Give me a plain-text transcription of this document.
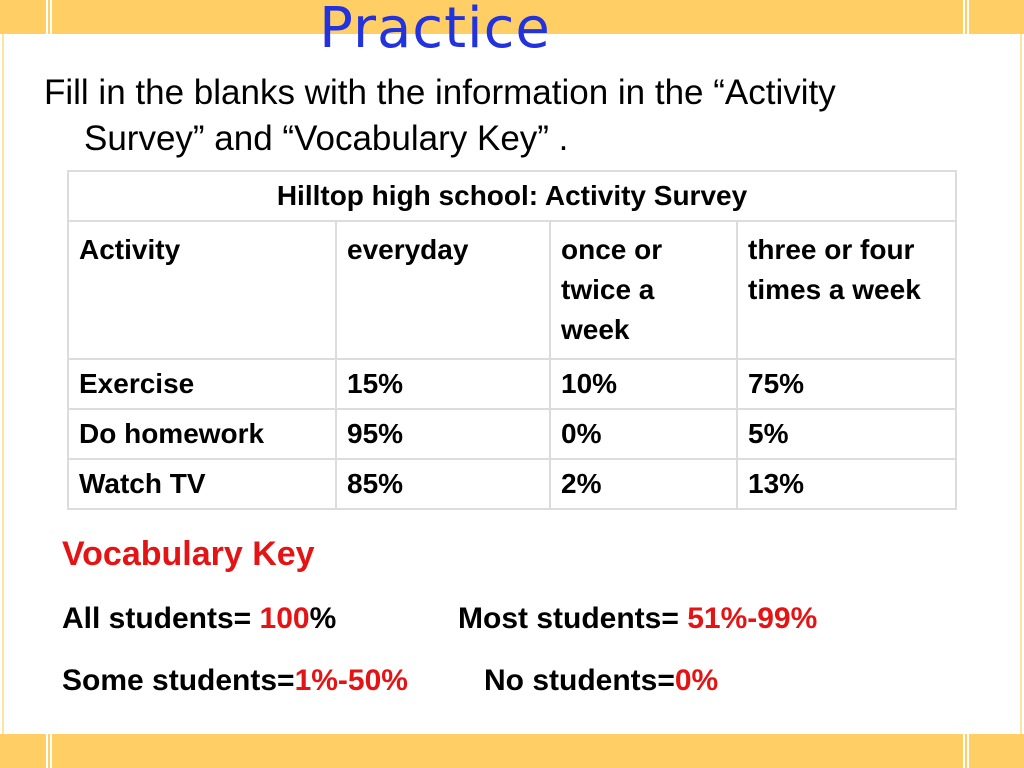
Practice
Fill in the blanks with the information in the “Activity
Survey” and “Vocabulary Key” .
Hilltop high school: Activity Survey			
Activity	everyday	once or twice a week	three or four times a week
Exercise	15%	10%	75%
Do homework	95%	0%	5%
Watch TV	85%	2%	13%
Vocabulary Key
All students= 100%	Most students= 51%-99%
Some students=1%-50%	No students=0%
